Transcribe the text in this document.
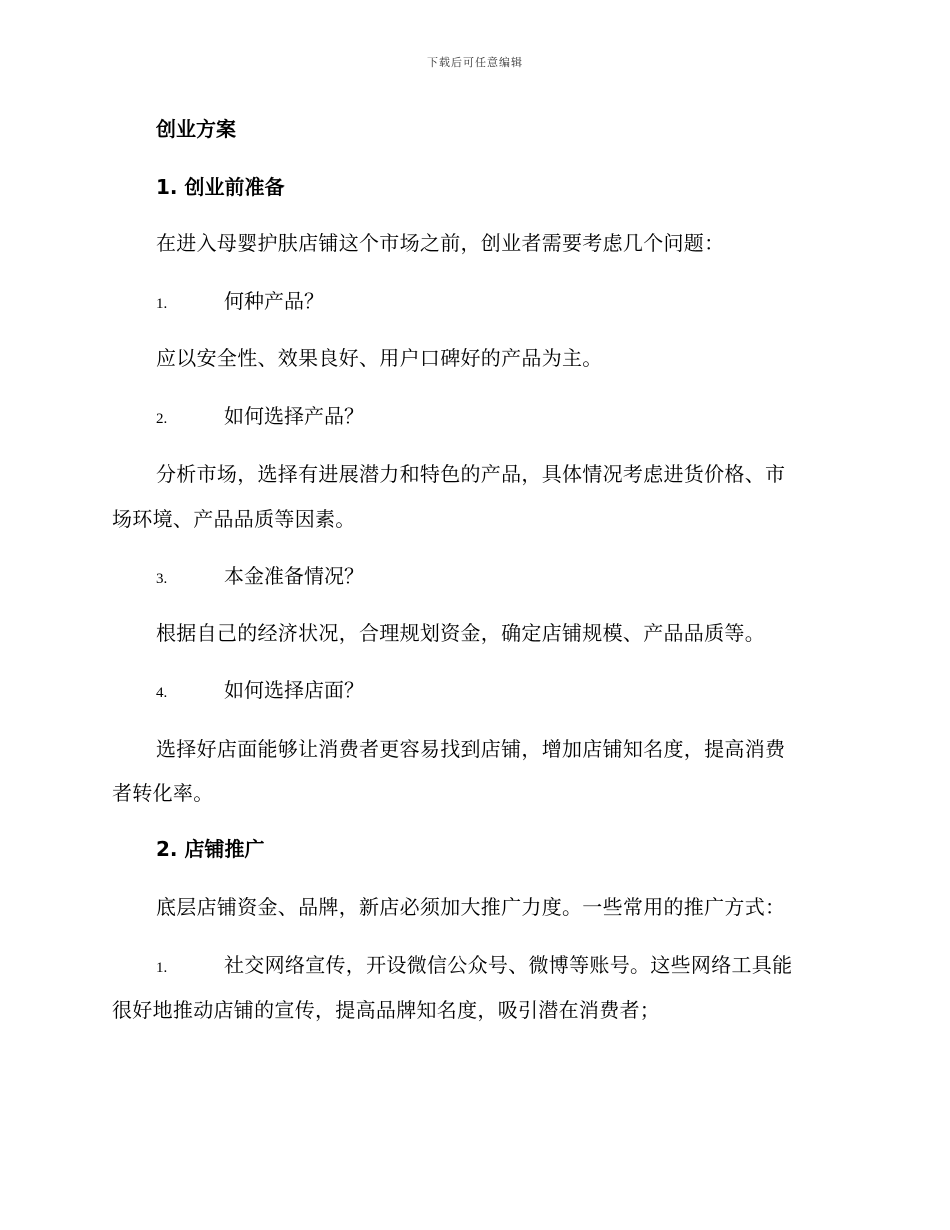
下载后可任意编辑
创业方案
1. 创业前准备
在进入母婴护肤店铺这个市场之前，创业者需要考虑几个问题：
1.	何种产品？
应以安全性、效果良好、用户口碑好的产品为主。
2.	如何选择产品？
分析市场，选择有进展潜力和特色的产品，具体情况考虑进货价格、市
场环境、产品品质等因素。
3.	本金准备情况？
根据自己的经济状况，合理规划资金，确定店铺规模、产品品质等。
4.	如何选择店面？
选择好店面能够让消费者更容易找到店铺，增加店铺知名度，提高消费
者转化率。
2. 店铺推广
底层店铺资金、品牌，新店必须加大推广力度。一些常用的推广方式：
1.	社交网络宣传，开设微信公众号、微博等账号。这些网络工具能
很好地推动店铺的宣传，提高品牌知名度，吸引潜在消费者；
